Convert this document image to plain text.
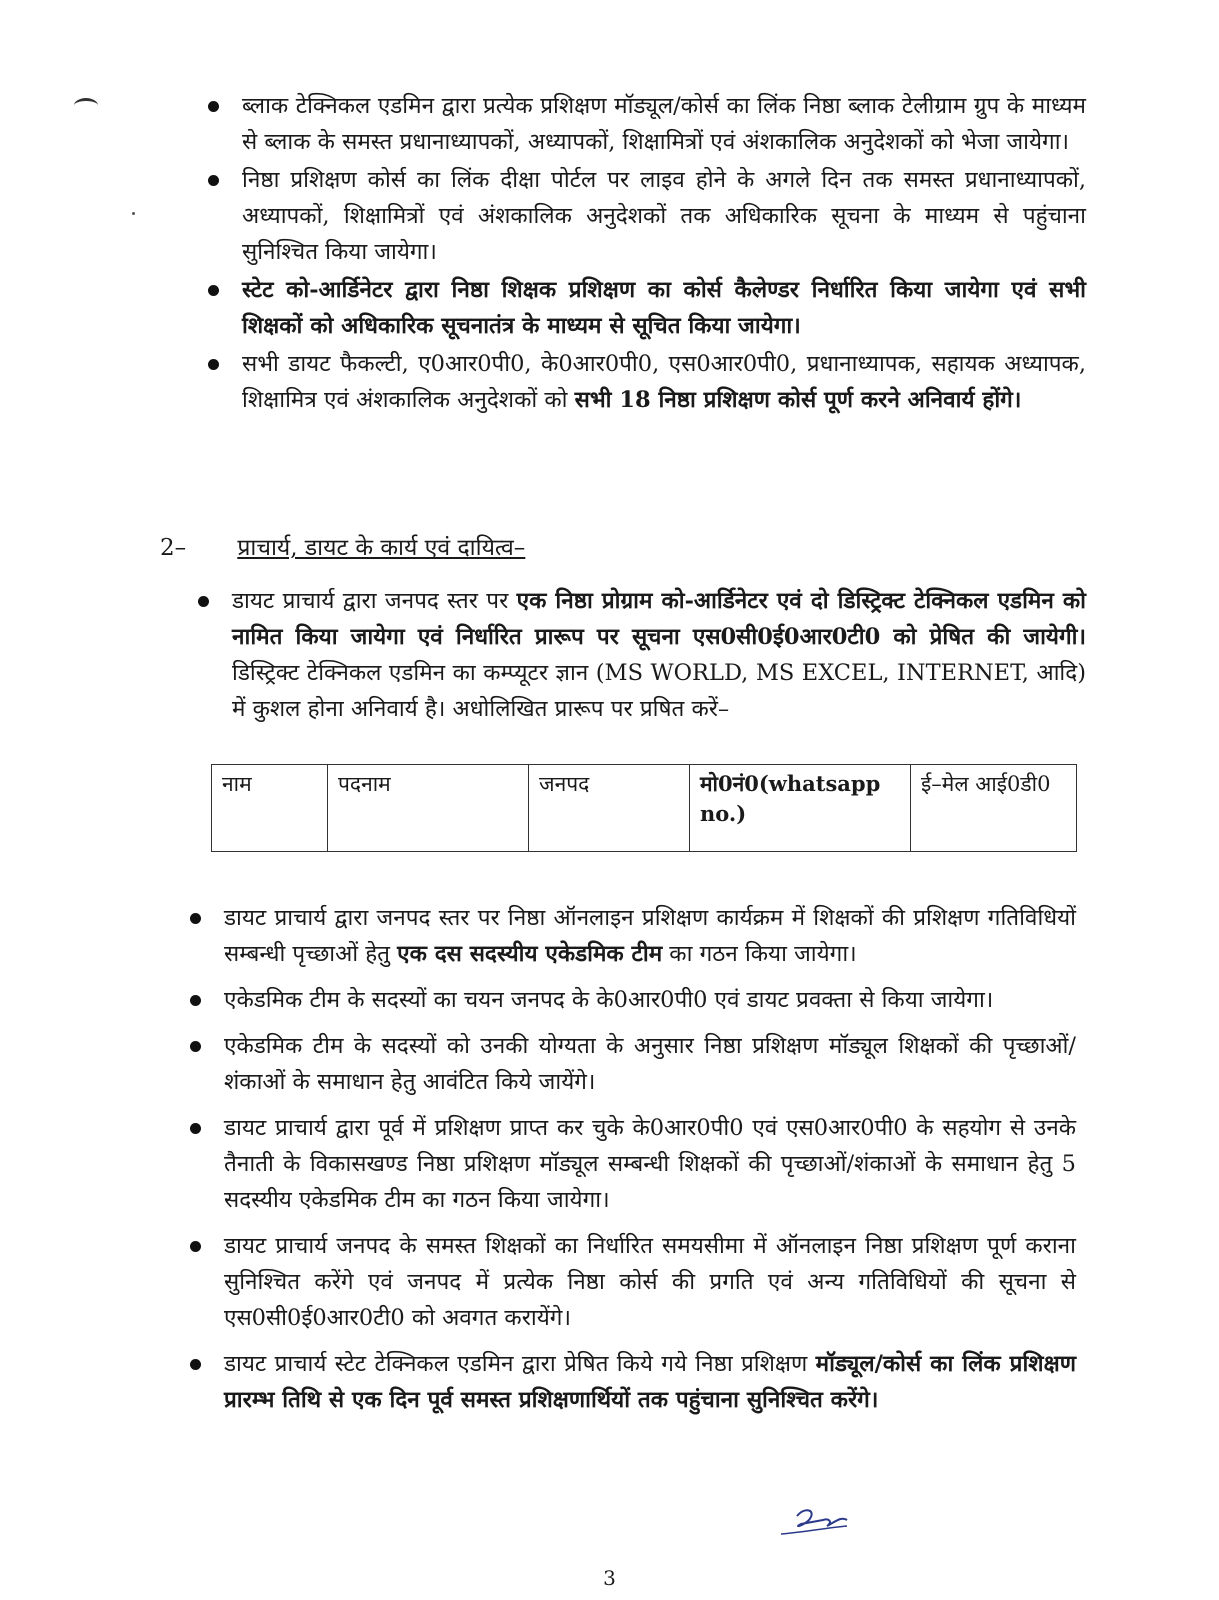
ब्लाक टेक्निकल एडमिन द्वारा प्रत्येक प्रशिक्षण मॉड्यूल/कोर्स का लिंक निष्ठा ब्लाक टेलीग्राम ग्रुप के माध्यम से ब्लाक के समस्त प्रधानाध्यापकों, अध्यापकों, शिक्षामित्रों एवं अंशकालिक अनुदेशकों को भेजा जायेगा।
निष्ठा प्रशिक्षण कोर्स का लिंक दीक्षा पोर्टल पर लाइव होने के अगले दिन तक समस्त प्रधानाध्यापकों, अध्यापकों, शिक्षामित्रों एवं अंशकालिक अनुदेशकों तक अधिकारिक सूचना के माध्यम से पहुंचाना सुनिश्चित किया जायेगा।
स्टेट को-आर्डिनेटर द्वारा निष्ठा शिक्षक प्रशिक्षण का कोर्स कैलेण्डर निर्धारित किया जायेगा एवं सभी शिक्षकों को अधिकारिक सूचनातंत्र के माध्यम से सूचित किया जायेगा।
सभी डायट फैकल्टी, ए0आर0पी0, के0आर0पी0, एस0आर0पी0, प्रधानाध्यापक, सहायक अध्यापक, शिक्षामित्र एवं अंशकालिक अनुदेशकों को सभी 18 निष्ठा प्रशिक्षण कोर्स पूर्ण करने अनिवार्य होंगे।
2– प्राचार्य, डायट के कार्य एवं दायित्व–
डायट प्राचार्य द्वारा जनपद स्तर पर एक निष्ठा प्रोग्राम को-आर्डिनेटर एवं दो डिस्ट्रिक्ट टेक्निकल एडमिन को नामित किया जायेगा एवं निर्धारित प्रारूप पर सूचना एस0सी0ई0आर0टी0 को प्रेषित की जायेगी। डिस्ट्रिक्ट टेक्निकल एडमिन का कम्प्यूटर ज्ञान (MS WORLD, MS EXCEL, INTERNET, आदि) में कुशल होना अनिवार्य है। अधोलिखित प्रारूप पर प्रषित करें–
नाम	पदनाम	जनपद	मो0नं0(whatsapp no.)	ई–मेल आई0डी0
डायट प्राचार्य द्वारा जनपद स्तर पर निष्ठा ऑनलाइन प्रशिक्षण कार्यक्रम में शिक्षकों की प्रशिक्षण गतिविधियों सम्बन्धी पृच्छाओं हेतु एक दस सदस्यीय एकेडमिक टीम का गठन किया जायेगा।
एकेडमिक टीम के सदस्यों का चयन जनपद के के0आर0पी0 एवं डायट प्रवक्ता से किया जायेगा।
एकेडमिक टीम के सदस्यों को उनकी योग्यता के अनुसार निष्ठा प्रशिक्षण मॉड्यूल शिक्षकों की पृच्छाओं/शंकाओं के समाधान हेतु आवंटित किये जायेंगे।
डायट प्राचार्य द्वारा पूर्व में प्रशिक्षण प्राप्त कर चुके के0आर0पी0 एवं एस0आर0पी0 के सहयोग से उनके तैनाती के विकासखण्ड निष्ठा प्रशिक्षण मॉड्यूल सम्बन्धी शिक्षकों की पृच्छाओं/शंकाओं के समाधान हेतु 5 सदस्यीय एकेडमिक टीम का गठन किया जायेगा।
डायट प्राचार्य जनपद के समस्त शिक्षकों का निर्धारित समयसीमा में ऑनलाइन निष्ठा प्रशिक्षण पूर्ण कराना सुनिश्चित करेंगे एवं जनपद में प्रत्येक निष्ठा कोर्स की प्रगति एवं अन्य गतिविधियों की सूचना से एस0सी0ई0आर0टी0 को अवगत करायेंगे।
डायट प्राचार्य स्टेट टेक्निकल एडमिन द्वारा प्रेषित किये गये निष्ठा प्रशिक्षण मॉड्यूल/कोर्स का लिंक प्रशिक्षण प्रारम्भ तिथि से एक दिन पूर्व समस्त प्रशिक्षणार्थियों तक पहुंचाना सुनिश्चित करेंगे।
3
